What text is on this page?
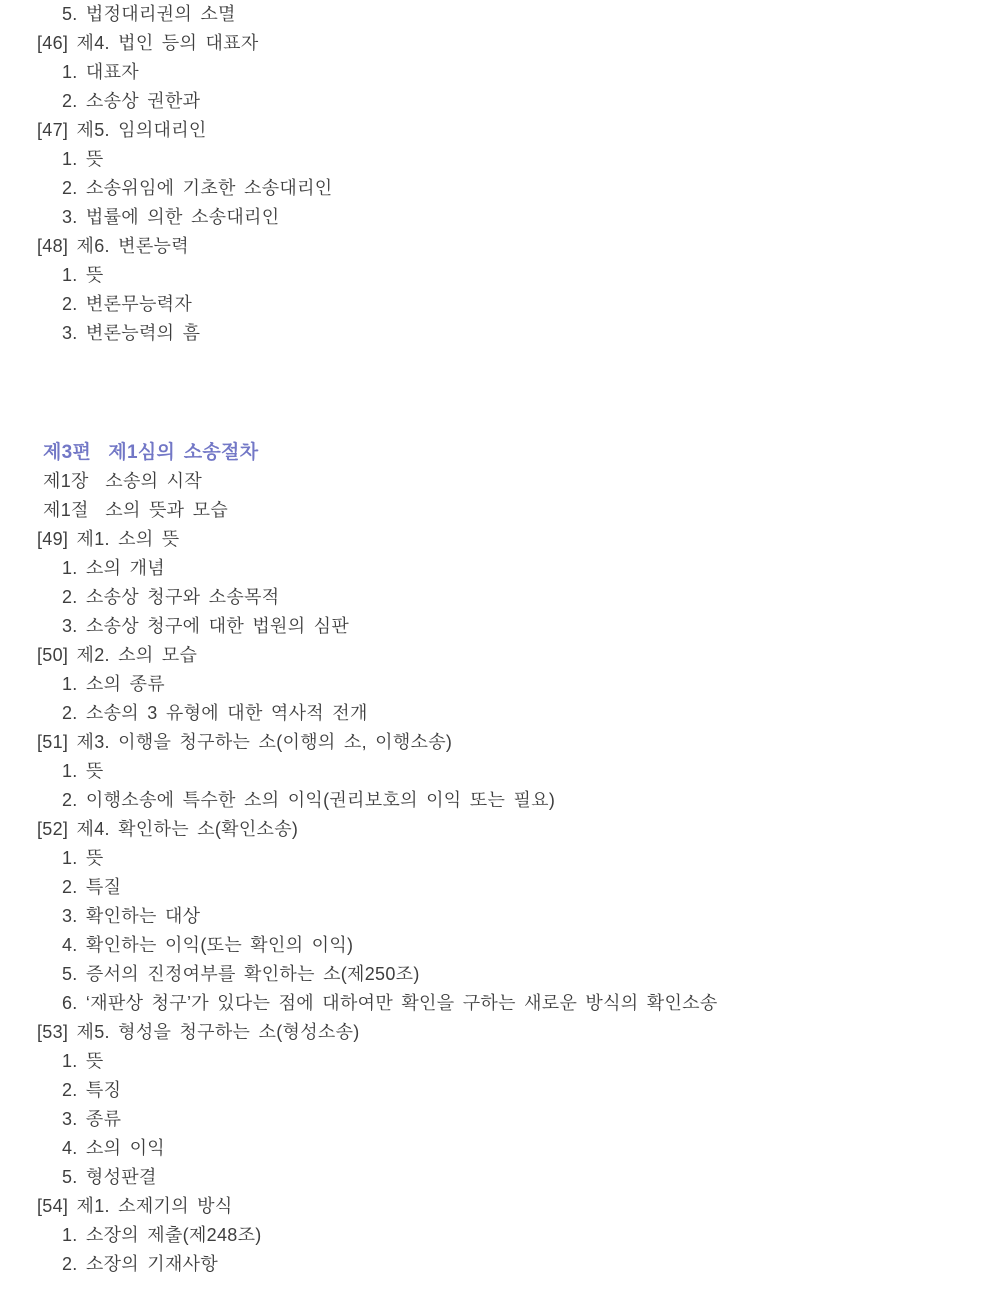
5. 법정대리권의 소멸
[46] 제4. 법인 등의 대표자
1. 대표자
2. 소송상 권한과
[47] 제5. 임의대리인
1. 뜻
2. 소송위임에 기초한 소송대리인
3. 법률에 의한 소송대리인
[48] 제6. 변론능력
1. 뜻
2. 변론무능력자
3. 변론능력의 흠
제3편  제1심의 소송절차
제1장  소송의 시작
제1절  소의 뜻과 모습
[49] 제1. 소의 뜻
1. 소의 개념
2. 소송상 청구와 소송목적
3. 소송상 청구에 대한 법원의 심판
[50] 제2. 소의 모습
1. 소의 종류
2. 소송의 3 유형에 대한 역사적 전개
[51] 제3. 이행을 청구하는 소(이행의 소, 이행소송)
1. 뜻
2. 이행소송에 특수한 소의 이익(권리보호의 이익 또는 필요)
[52] 제4. 확인하는 소(확인소송)
1. 뜻
2. 특질
3. 확인하는 대상
4. 확인하는 이익(또는 확인의 이익)
5. 증서의 진정여부를 확인하는 소(제250조)
6. ‘재판상 청구’가 있다는 점에 대하여만 확인을 구하는 새로운 방식의 확인소송
[53] 제5. 형성을 청구하는 소(형성소송)
1. 뜻
2. 특징
3. 종류
4. 소의 이익
5. 형성판결
[54] 제1. 소제기의 방식
1. 소장의 제출(제248조)
2. 소장의 기재사항
